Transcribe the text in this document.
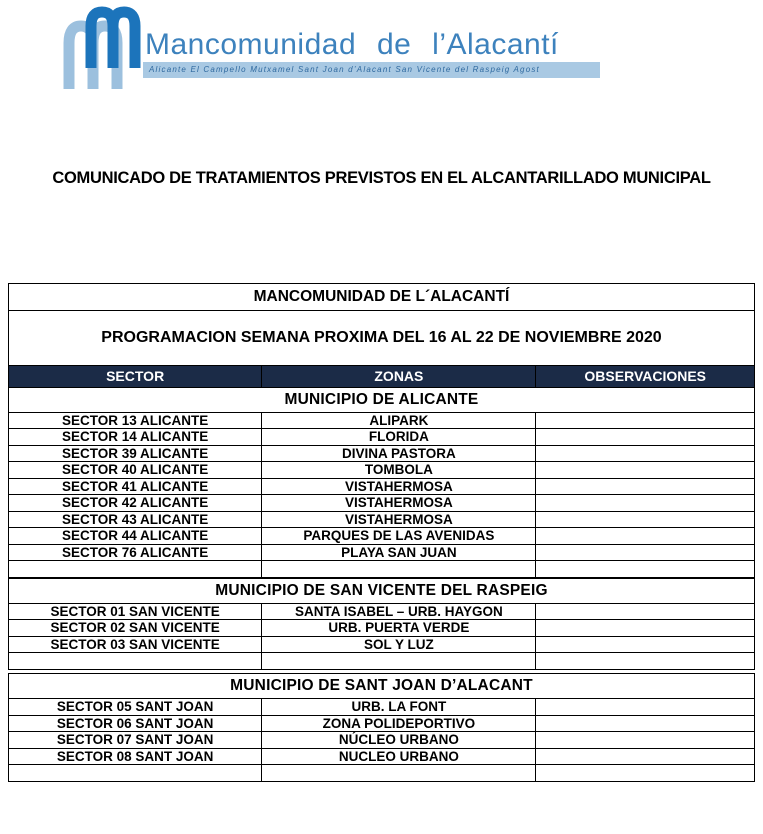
Mancomunidad de l’Alacantí
Alicante El Campello Mutxamel Sant Joan d’Alacant San Vicente del Raspeig Agost
COMUNICADO DE TRATAMIENTOS PREVISTOS EN EL ALCANTARILLADO MUNICIPAL
MANCOMUNIDAD DE L´ALACANTÍ
PROGRAMACION SEMANA PROXIMA DEL 16 AL 22 DE NOVIEMBRE 2020
SECTOR	ZONAS	OBSERVACIONES
MUNICIPIO DE ALICANTE
SECTOR 13 ALICANTE	ALIPARK
SECTOR 14 ALICANTE	FLORIDA
SECTOR 39 ALICANTE	DIVINA PASTORA
SECTOR 40 ALICANTE	TOMBOLA
SECTOR 41 ALICANTE	VISTAHERMOSA
SECTOR 42 ALICANTE	VISTAHERMOSA
SECTOR 43 ALICANTE	VISTAHERMOSA
SECTOR 44 ALICANTE	PARQUES DE LAS AVENIDAS
SECTOR 76 ALICANTE	PLAYA SAN JUAN
MUNICIPIO DE SAN VICENTE DEL RASPEIG
SECTOR 01 SAN VICENTE	SANTA ISABEL – URB. HAYGON
SECTOR 02 SAN VICENTE	URB. PUERTA VERDE
SECTOR 03 SAN VICENTE	SOL Y LUZ
MUNICIPIO DE SANT JOAN D’ALACANT
SECTOR 05 SANT JOAN	URB. LA FONT
SECTOR 06 SANT JOAN	ZONA POLIDEPORTIVO
SECTOR 07 SANT JOAN	NÚCLEO URBANO
SECTOR 08 SANT JOAN	NUCLEO URBANO
